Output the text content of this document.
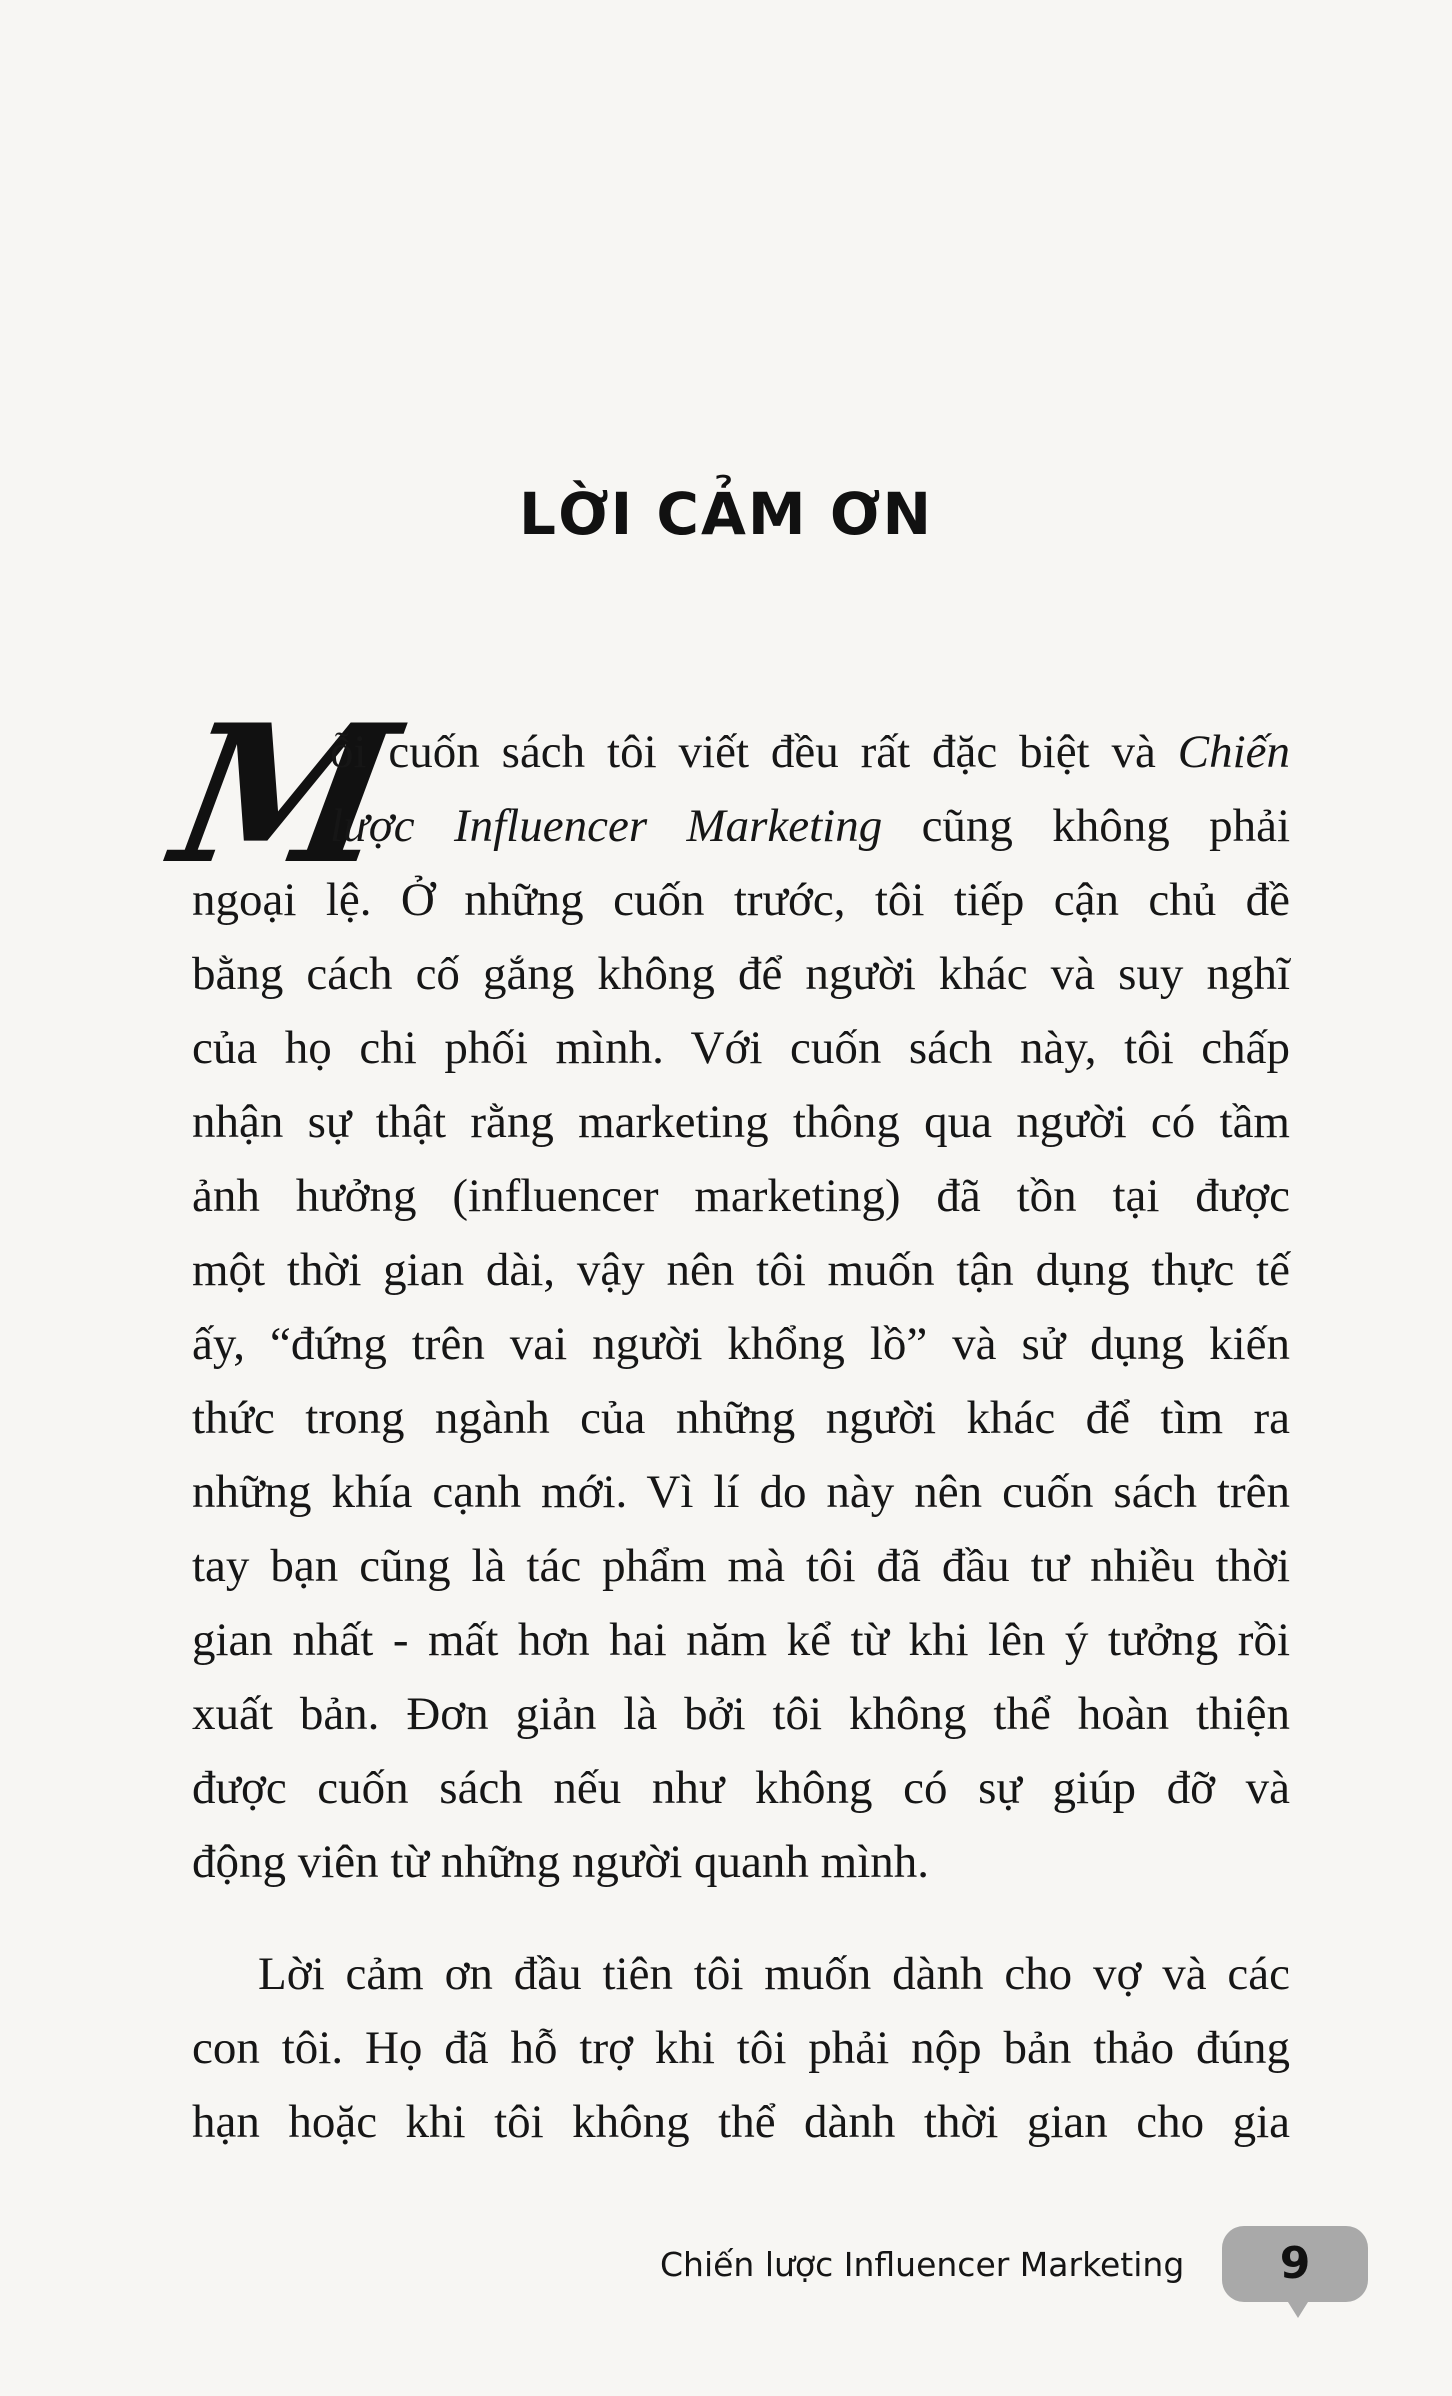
LỜI CẢM ƠN
M
ỗi cuốn sách tôi viết đều rất đặc biệt và Chiến
lược Influencer Marketing cũng không phải
ngoại lệ. Ở những cuốn trước, tôi tiếp cận chủ đề
bằng cách cố gắng không để người khác và suy nghĩ
của họ chi phối mình. Với cuốn sách này, tôi chấp
nhận sự thật rằng marketing thông qua người có tầm
ảnh hưởng (influencer marketing) đã tồn tại được
một thời gian dài, vậy nên tôi muốn tận dụng thực tế
ấy, “đứng trên vai người khổng lồ” và sử dụng kiến
thức trong ngành của những người khác để tìm ra
những khía cạnh mới. Vì lí do này nên cuốn sách trên
tay bạn cũng là tác phẩm mà tôi đã đầu tư nhiều thời
gian nhất - mất hơn hai năm kể từ khi lên ý tưởng rồi
xuất bản. Đơn giản là bởi tôi không thể hoàn thiện
được cuốn sách nếu như không có sự giúp đỡ và
động viên từ những người quanh mình.
Lời cảm ơn đầu tiên tôi muốn dành cho vợ và các
con tôi. Họ đã hỗ trợ khi tôi phải nộp bản thảo đúng
hạn hoặc khi tôi không thể dành thời gian cho gia
Chiến lược Influencer Marketing	9
